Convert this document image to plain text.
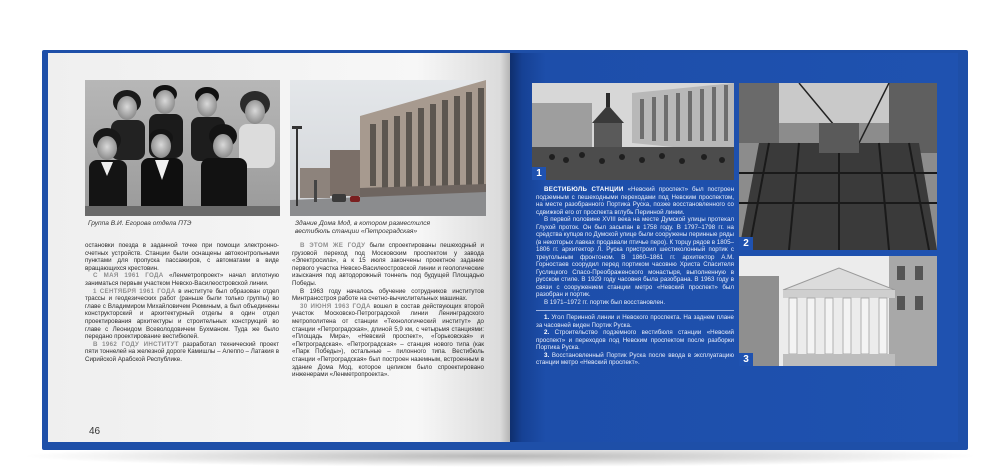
Группа В.И. Егорова отдела ПТЭ	Здание Дома Мод, в котором разместился вестибюль станции «Петроградская»

остановки поезда в заданной точке при помощи электронно-счетных устройств. Станции были оснащены автоконтрольными пунктами для пропуска пассажиров, с автоматами в виде вращающихся крестовин.

С МАЯ 1961 ГОДА «Ленметропроект» начал вплотную заниматься первым участком Невско-Василеостровской линии.

1 СЕНТЯБРЯ 1961 ГОДА в институте был образован отдел трассы и геодезических работ (раньше были только группы) во главе с Владимиром Михайловичем Рюминым, а был объединены конструкторский и архитектурный отделы в один отдел проектирования архитектуры и строительных конструкций во главе с Леонидом Всеволодовичем Бухманом. Туда же было передано проектирование вестибюлей.

В 1962 ГОДУ ИНСТИТУТ разработал технический проект пяти тоннелей на железной дороге Камишлы – Алеппо – Латакия в Сирийской Арабской Республике.

В ЭТОМ ЖЕ ГОДУ были спроектированы пешеходный и грузовой переход под Московским проспектом у завода «Электросила», а к 15 июля закончены проектное задание первого участка Невско-Василеостровской линии и геологические изыскания под автодорожный тоннель под будущей Площадью Победы.

В 1963 году началось обучение сотрудников институтов Минтрансстроя работе на счетно-вычислительных машинах.

30 ИЮНЯ 1963 ГОДА вошел в состав действующих второй участок Московско-Петроградской линии Ленинградского метрополитена от станции «Технологический институт» до станции «Петроградская», длиной 5,9 км, с четырьмя станциями: «Площадь Мира», «Невский проспект», «Горьковская» и «Петроградская». «Петроградская» – станция нового типа (как «Парк Победы»), остальные – пилонного типа. Вестибюль станции «Петроградская» был построен наземным, встроенным в здание Дома Мод, которое целиком было спроектировано инженерами «Ленметропроекта».

46
1
2
3

ВЕСТИБЮЛЬ СТАНЦИИ «Невский проспект» был построен подземным с пешеходными переходами под Невским проспектом, на месте разобранного Портика Руска, позже восстановленного со сдвижкой его от проспекта вглубь Перинной линии.

В первой половине XVIII века на месте Думской улицы протекал Глухой проток. Он был засыпан в 1758 году. В 1797–1798 гг. на средства купцов по Думской улице были сооружены перинные ряды (в некоторых лавках продавали птичье перо). К торцу рядов в 1805–1806 гг. архитектор Л. Руска пристроил шестиколонный портик с треугольным фронтоном. В 1860–1861 гг. архитектор А.М. Горностаев соорудил перед портиком часовню Христа Спасителя Гуслицкого Спасо-Преображенского монастыря, выполненную в русском стиле. В 1929 году часовня была разобрана. В 1963 году в связи с сооружением станции метро «Невский проспект» был разобран и портик.

В 1971–1972 гг. портик был восстановлен.

1. Угол Перинной линии и Невского проспекта. На заднем плане за часовней виден Портик Руска.

2. Строительство подземного вестибюля станции «Невский проспект» и переходов под Невским проспектом после разборки Портика Руска.

3. Восстановленный Портик Руска после ввода в эксплуатацию станции метро «Невский проспект».
